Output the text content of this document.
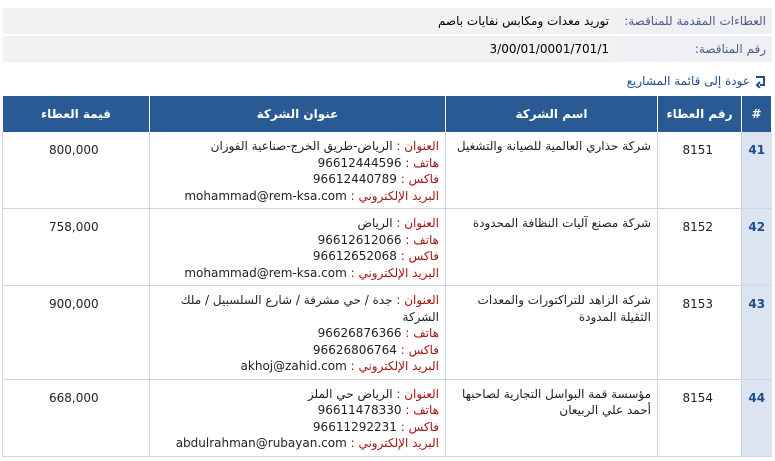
العطاءات المقدمة للمناقصة:	توريد معدات ومكابس نفايات باصم
رقم المناقصة:	3/00/01/0001/701/1
عودة إلى قائمة المشاريع
#	رقم العطاء	اسم الشركة	عنوان الشركة	قيمة العطاء
41	8151	شركة حذاري العالمية للصيانة والتشغيل	العنوان : الرياض-طريق الخرج-صناعية الفوزان
هاتف : 96612444596
فاكس : 96612440789
البريد الإلكتروني : mohammad@rem-ksa.com	800,000
42	8152	شركة مصنع آليات النظافة المحدودة	العنوان : الرياض
هاتف : 96612612066
فاكس : 96612652068
البريد الإلكتروني : mohammad@rem-ksa.com	758,000
43	8153	شركة الزاهد للتراكتورات والمعدات الثقيلة المدودة	العنوان : جدة / حي مشرفة / شارع السلسبيل / ملك الشركة
هاتف : 96626876366
فاكس : 96626806764
البريد الإلكتروني : akhoj@zahid.com	900,000
44	8154	مؤسسة قمة البواسل التجارية لصاحبها أحمد علي الربيعان	العنوان : الرياض حي الملز
هاتف : 96611478330
فاكس : 96611292231
البريد الإلكتروني : abdulrahman@rubayan.com	668,000
